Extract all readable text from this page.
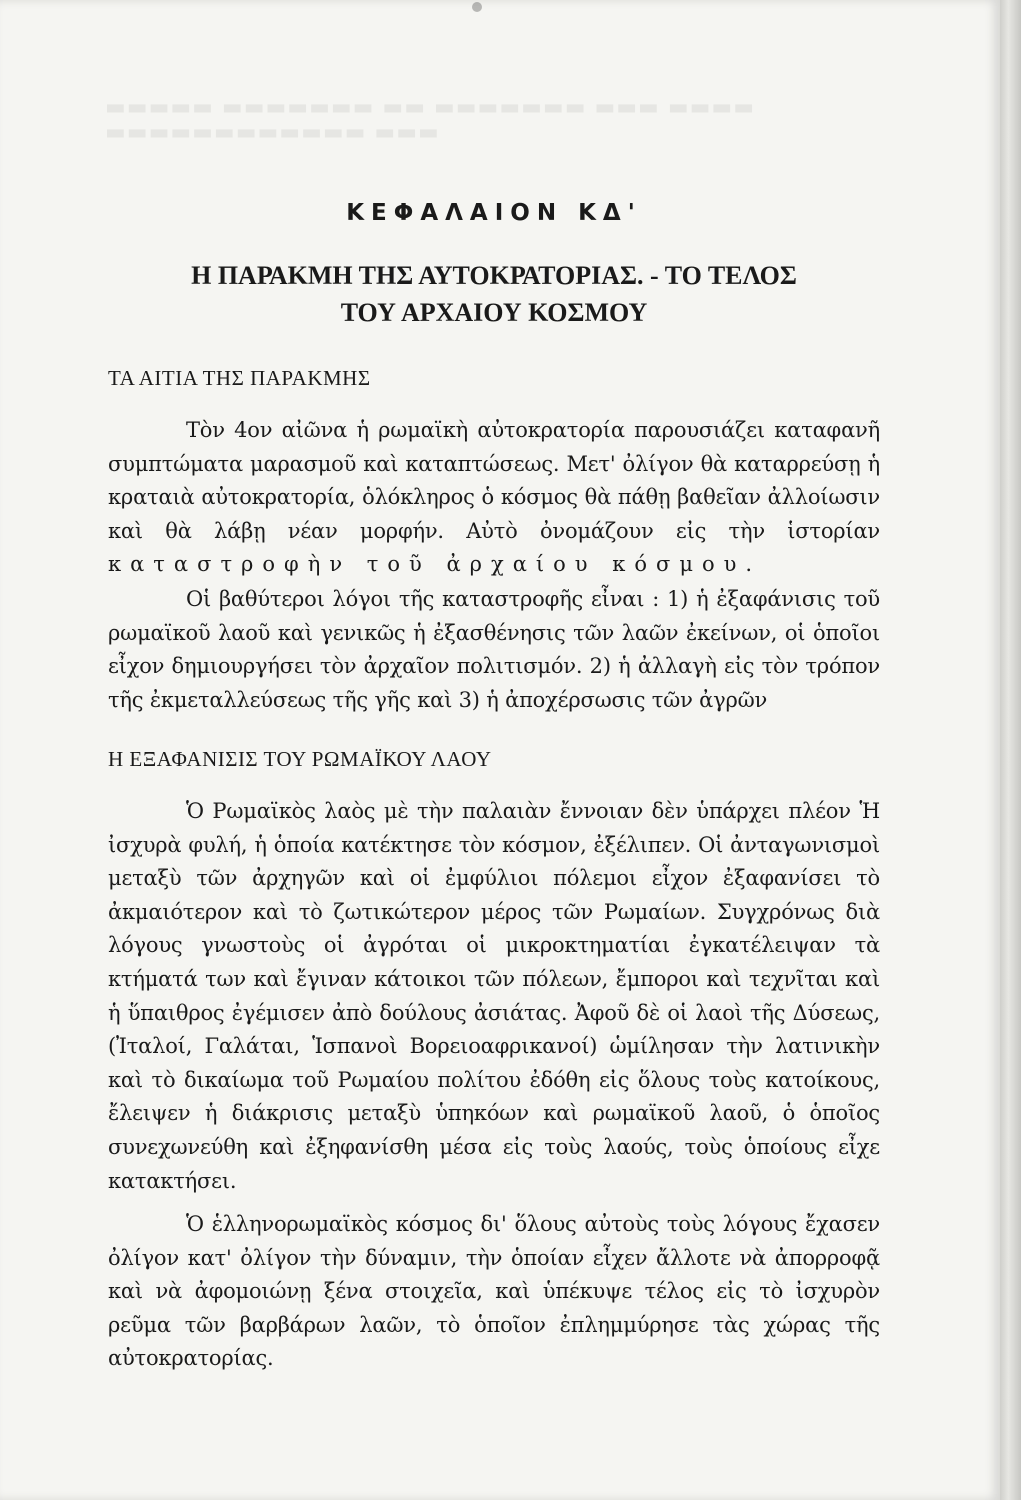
▬▬▬▬▬ ▬▬▬▬▬▬▬ ▬▬ ▬▬▬▬▬▬▬ ▬▬▬ ▬▬▬▬ ▬▬▬▬▬▬▬▬▬▬▬▬ ▬▬▬
ΚΕΦΑΛΑΙΟΝ ΚΔ'
Η ΠΑΡΑΚΜΗ ΤΗΣ ΑΥΤΟΚΡΑΤΟΡΙΑΣ. - ΤΟ ΤΕΛΟΣ
ΤΟΥ ΑΡΧΑΙΟΥ ΚΟΣΜΟΥ
ΤΑ ΑΙΤΙΑ ΤΗΣ ΠΑΡΑΚΜΗΣ
Τὸν 4ον αἰῶνα ἡ ρωμαϊκὴ αὐτοκρατορία παρουσιάζει καταφανῆ συμπτώματα μαρασμοῦ καὶ καταπτώσεως. Μετ' ὀλίγον θὰ καταρρεύσῃ ἡ κραταιὰ αὐτοκρατορία, ὁλόκληρος ὁ κόσμος θὰ πάθῃ βαθεῖαν ἀλλοίωσιν καὶ θὰ λάβῃ νέαν μορφήν. Αὐτὸ ὀνομάζουν εἰς τὴν ἱστορίαν καταστροφὴν τοῦ ἀρχαίου κόσμου.
Οἱ βαθύτεροι λόγοι τῆς καταστροφῆς εἶναι : 1) ἡ ἐξαφάνισις τοῦ ρωμαϊκοῦ λαοῦ καὶ γενικῶς ἡ ἐξασθένησις τῶν λαῶν ἐκείνων, οἱ ὁποῖοι εἶχον δημιουργήσει τὸν ἀρχαῖον πολιτισμόν. 2) ἡ ἀλλαγὴ εἰς τὸν τρόπον τῆς ἐκμεταλλεύσεως τῆς γῆς καὶ 3) ἡ ἀποχέρσωσις τῶν ἀγρῶν
Η ΕΞΑΦΑΝΙΣΙΣ ΤΟΥ ΡΩΜΑΪΚΟΥ ΛΑΟΥ
Ὁ Ρωμαϊκὸς λαὸς μὲ τὴν παλαιὰν ἔννοιαν δὲν ὑπάρχει πλέον Ἡ ἰσχυρὰ φυλή, ἡ ὁποία κατέκτησε τὸν κόσμον, ἐξέλιπεν. Οἱ ἀνταγωνισμοὶ μεταξὺ τῶν ἀρχηγῶν καὶ οἱ ἐμφύλιοι πόλεμοι εἶχον ἐξαφανίσει τὸ ἀκμαιότερον καὶ τὸ ζωτικώτερον μέρος τῶν Ρωμαίων. Συγχρόνως διὰ λόγους γνωστοὺς οἱ ἀγρόται οἱ μικροκτηματίαι ἐγκατέλειψαν τὰ κτήματά των καὶ ἔγιναν κάτοικοι τῶν πόλεων, ἔμποροι καὶ τεχνῖται καὶ ἡ ὕπαιθρος ἐγέμισεν ἀπὸ δούλους ἀσιάτας. Ἀφοῦ δὲ οἱ λαοὶ τῆς Δύσεως, (Ἰταλοί, Γαλάται, Ἱσπανοὶ Βορειοαφρικανοί) ὡμίλησαν τὴν λατινικὴν καὶ τὸ δικαίωμα τοῦ Ρωμαίου πολίτου ἐδόθη εἰς ὅλους τοὺς κατοίκους, ἔλειψεν ἡ διάκρισις μεταξὺ ὑπηκόων καὶ ρωμαϊκοῦ λαοῦ, ὁ ὁποῖος συνεχωνεύθη καὶ ἐξηφανίσθη μέσα εἰς τοὺς λαούς, τοὺς ὁποίους εἶχε κατακτήσει.
Ὁ ἑλληνορωμαϊκὸς κόσμος δι' ὅλους αὐτοὺς τοὺς λόγους ἔχασεν ὀλίγον κατ' ὀλίγον τὴν δύναμιν, τὴν ὁποίαν εἶχεν ἄλλοτε νὰ ἀπορροφᾷ καὶ νὰ ἀφομοιώνῃ ξένα στοιχεῖα, καὶ ὑπέκυψε τέλος εἰς τὸ ἰσχυρὸν ρεῦμα τῶν βαρβάρων λαῶν, τὸ ὁποῖον ἐπλημμύρησε τὰς χώρας τῆς αὐτοκρατορίας.
